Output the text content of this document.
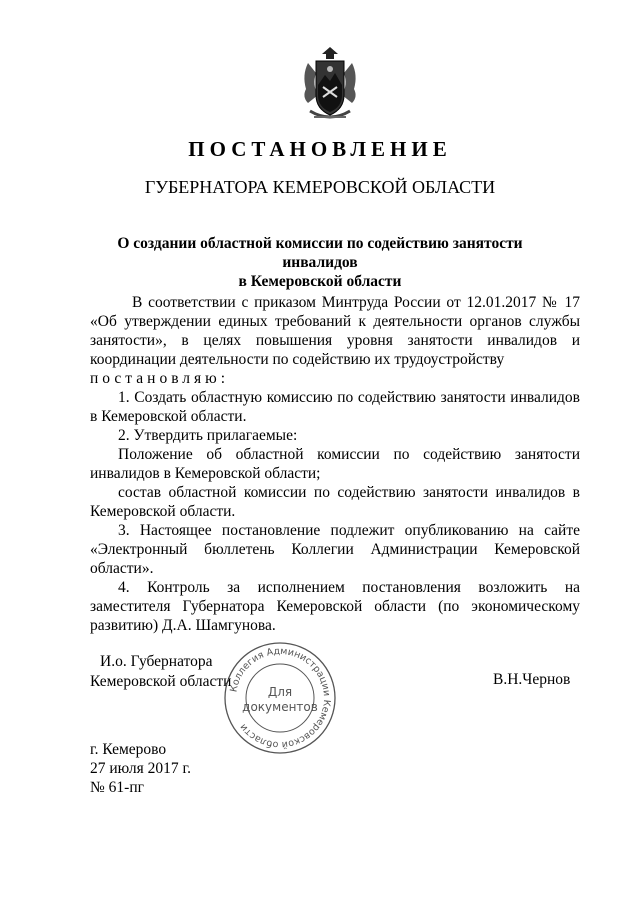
ПОСТАНОВЛЕНИЕ
ГУБЕРНАТОРА КЕМЕРОВСКОЙ ОБЛАСТИ
О создании областной комиссии по содействию занятости инвалидов
в Кемеровской области

В соответствии с приказом Минтруда России от 12.01.2017 № 17 «Об утверждении единых требований к деятельности органов службы занятости», в целях повышения уровня занятости инвалидов и координации деятельности по содействию их трудоустройству

постановляю:

1. Создать областную комиссию по содействию занятости инвалидов в Кемеровской области.

2. Утвердить прилагаемые:

Положение об областной комиссии по содействию занятости инвалидов в Кемеровской области;

состав областной комиссии по содействию занятости инвалидов в Кемеровской области.

3. Настоящее постановление подлежит опубликованию на сайте «Электронный бюллетень Коллегии Администрации Кемеровской области».

4. Контроль за исполнением постановления возложить на заместителя Губернатора Кемеровской области (по экономическому развитию) Д.А. Шамгунова.

Коллегия Администрации Кемеровской области
Для
документов
И.о. Губернатора
Кемеровской области	В.Н.Чернов
г. Кемерово
27 июля 2017 г.
№ 61-пг
